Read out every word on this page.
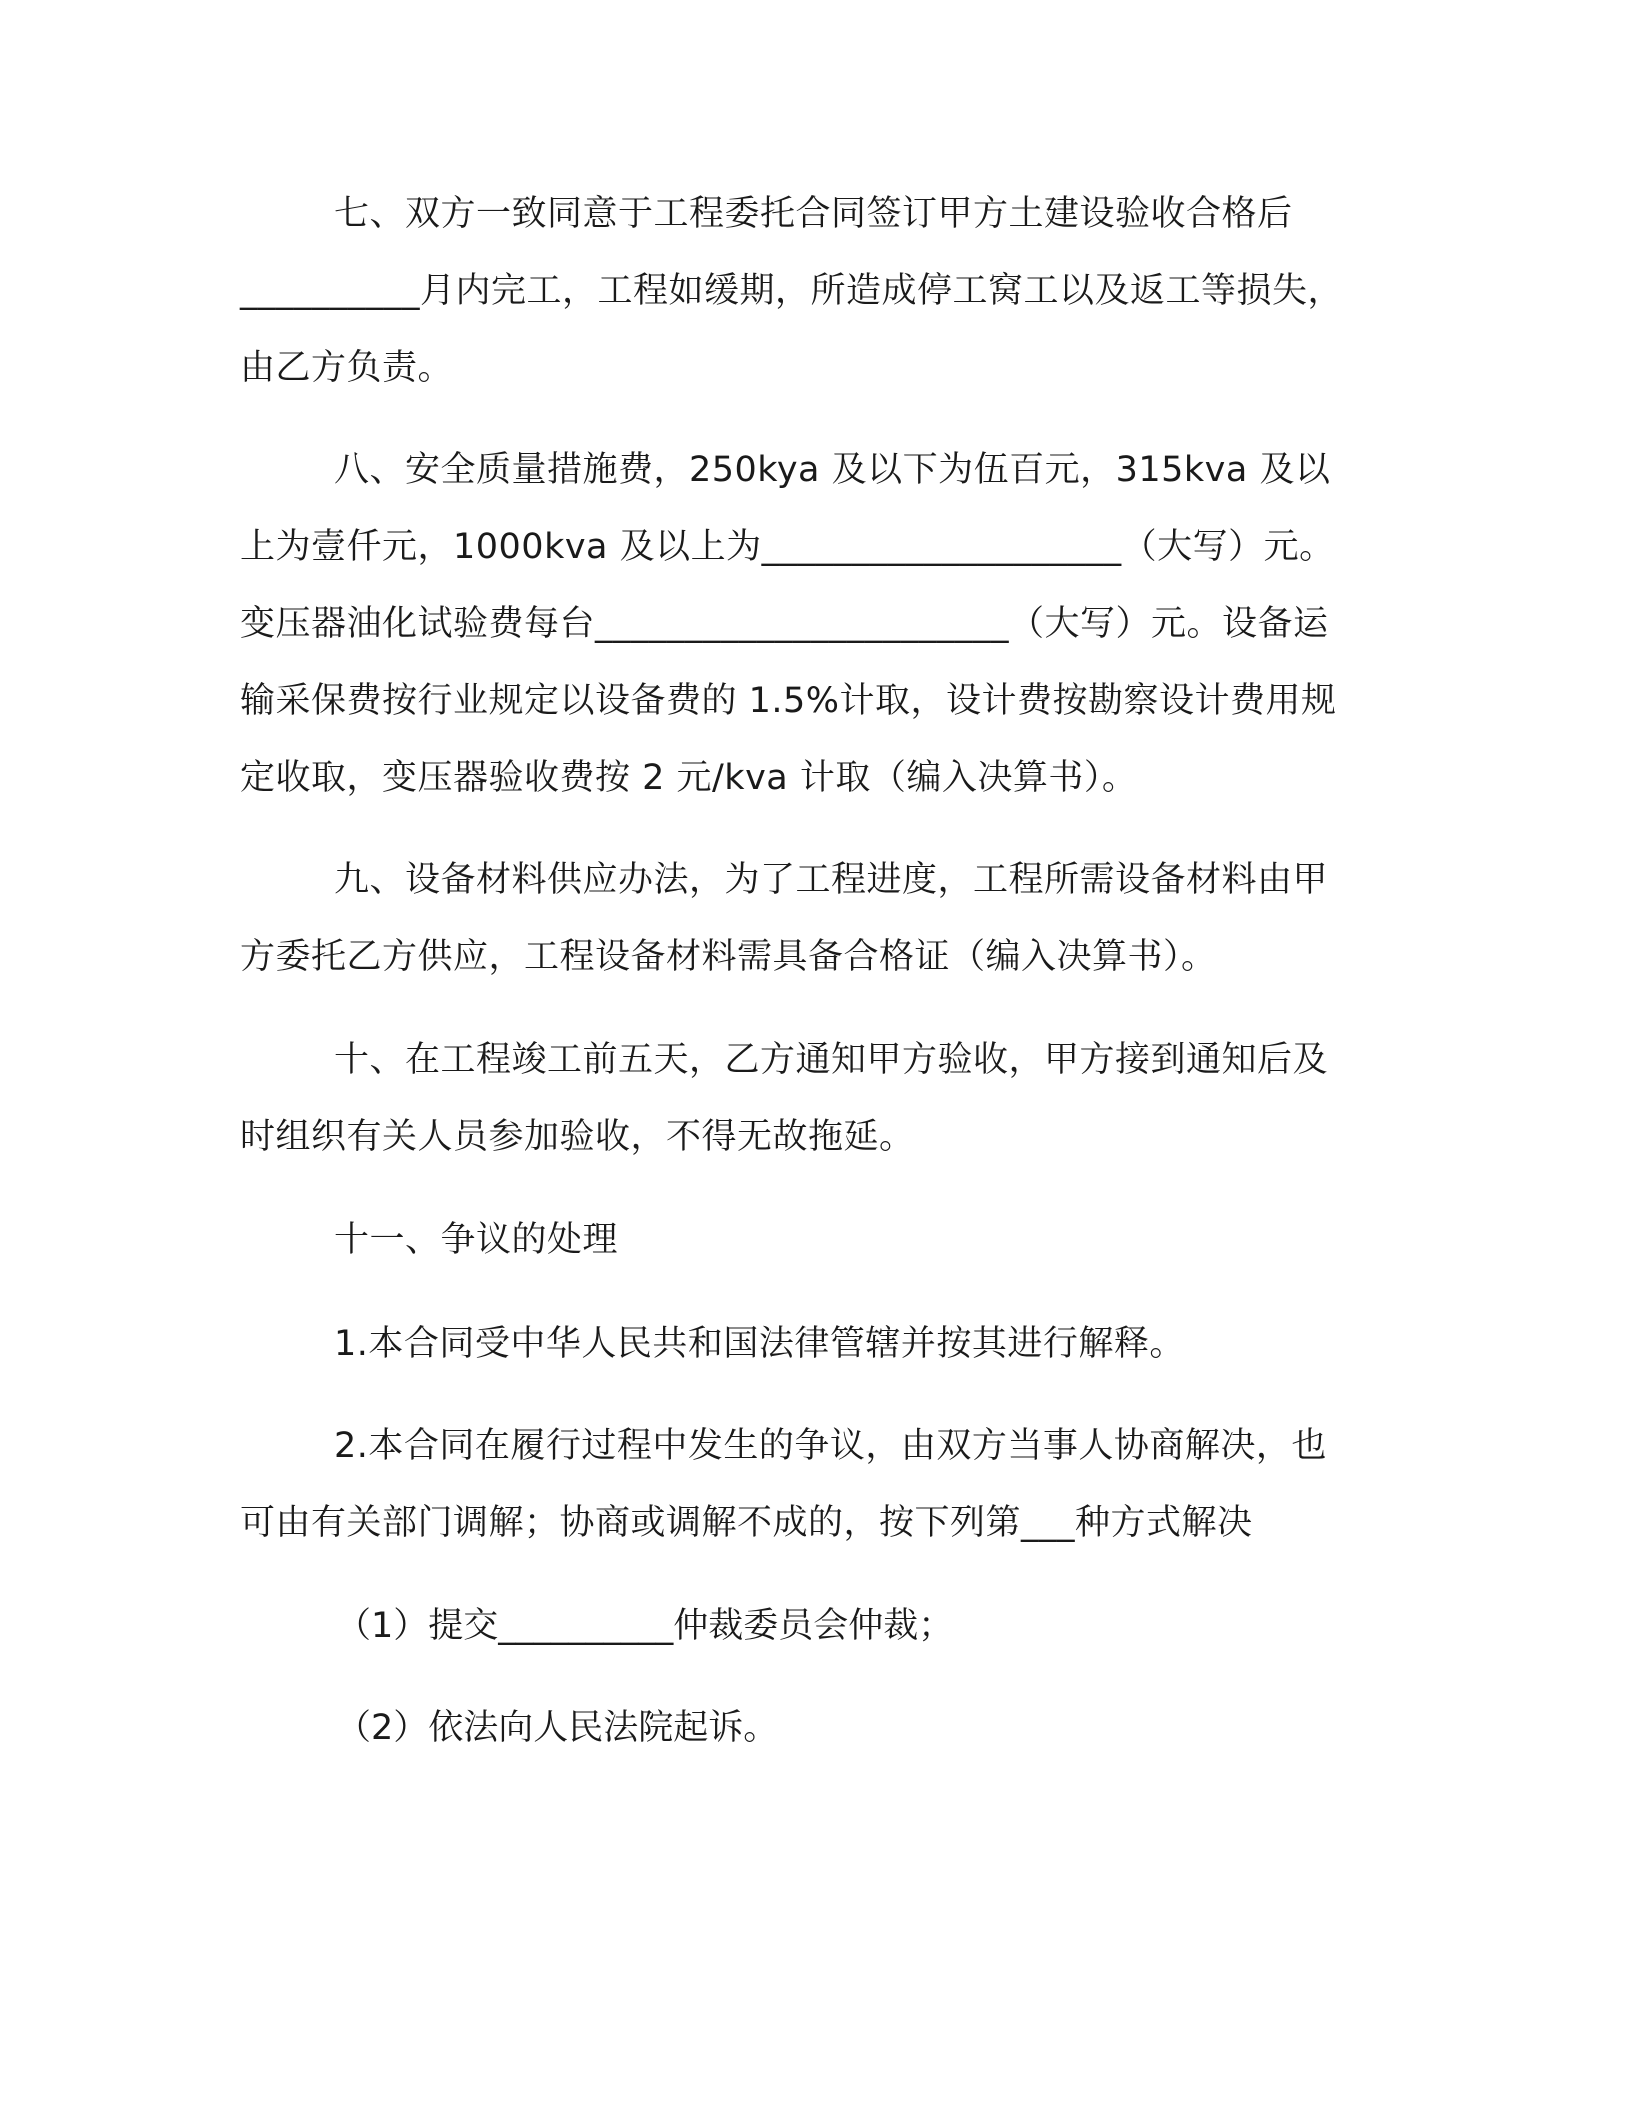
七、双方一致同意于工程委托合同签订甲方土建设验收合格后
__________月内完工，工程如缓期，所造成停工窝工以及返工等损失，
由乙方负责。
八、安全质量措施费，250kya 及以下为伍百元，315kva 及以
上为壹仟元，1000kva 及以上为____________________（大写）元。
变压器油化试验费每台_______________________（大写）元。设备运
输采保费按行业规定以设备费的 1.5%计取，设计费按勘察设计费用规
定收取，变压器验收费按 2 元/kva 计取（编入决算书）。
九、设备材料供应办法，为了工程进度，工程所需设备材料由甲
方委托乙方供应，工程设备材料需具备合格证（编入决算书）。
十、在工程竣工前五天，乙方通知甲方验收，甲方接到通知后及
时组织有关人员参加验收，不得无故拖延。
十一、争议的处理
1.本合同受中华人民共和国法律管辖并按其进行解释。
2.本合同在履行过程中发生的争议，由双方当事人协商解决，也
可由有关部门调解；协商或调解不成的，按下列第___种方式解决
（1）提交__________仲裁委员会仲裁；
（2）依法向人民法院起诉。
